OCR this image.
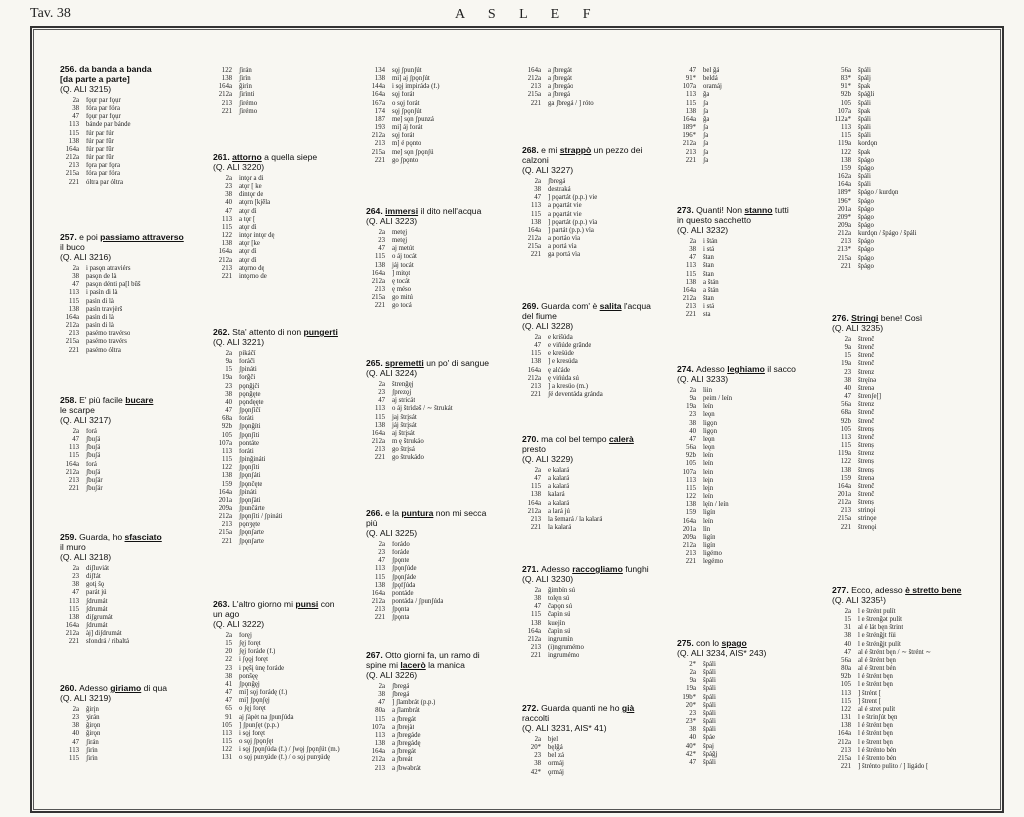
Tav. 38	A S L E F
256. da banda a banda
[da parte a parte]
(Q. ALI 3215)
2a	fǫụr par fǫụr
38	fóra par fóra
47	fǫụr par fǫụr
113	bánde par bánde
115	fúr par fúr
138	fúr par fûr
164a	fúr par fûr
212a	fúr par fûr
213	fǫra par fǫra
215a	fóra par fóra
221	óltra par óltra
257. e poi passiamo attraverso
il buco
(Q. ALI 3216)
2a	i pasǫn atraviérs
38	pasǫn de là
47	pasǫn dénti pa[l bũš
113	i pasìn di là
115	pasìn di là
138	pasìn travjèrš
164a	pasìn di là
212a	pasìn di là
213	pasémo travérso
215a	pasémo travérs
221	pasémo óltra
258. E' più facile bucare
le scarpe
(Q. ALI 3217)
2a	forá
47	ʃbuʃá
113	ʃbuʃá
115	ʃbuʃá
164a	forá
212a	ʃbuʃá
213	ʃbuʃár
221	ʃbuʃár
259. Guarda, ho sfasciato
il muro
(Q. ALI 3218)
2a	diʃluviát
23	diʃfát
38	gotį́ šǫ
47	parát jú
113	ʃdrumát
115	ʃdrumát
138	diʃgrumát
164a	ʃdrumát
212a	àj] diʃdrumát
221	sfondrá / ribaltá
260. Adesso giriamo di qua
(Q. ALI 3219)
2a	ǧirįn
23	ʒirán
38	ǧirǫ́n
40	ǧirǫ́n
47	ʃirán
113	ʃirìn
115	ʃirìn
122	ʃirán
138	ʃirìn
164a	ǧirìn
212a	ʃirìnti
213	ʃirémo
221	ʃirémo
261. attorno a quella siepe
(Q. ALI 3220)
2a	intǫ́r a di
23	atǫ́r [ ke
38	dintǫ́r de
40	atǫrn [kjḗla
47	atǫ́r dì
113	a tǫ́r [
115	atǫ́r dì
122	intǫ́r intǫ́r dę
138	atǫ́r [ke
164a	atǫ́r dì
212a	atǫ́r dì
213	atǫ́rno dę
221	intǫ́rno de
262. Sta' attento di non pungerti
(Q. ALI 3221)
2a	pikáčí
9a	foráči
15	ʃpináti
19a	forǧči
23	pǫnǧįči
38	pǫnǧę́te
40	pǫndęę́te
47	ʃpǫnʃìčí
68a	foráti
92b	ʃpǫnǧíti
105	ʃpǫnʃìti
107a	pontáte
113	foráti
115	ʃpinǧináti
122	ʃpǫnʃìti
138	ʃpǫnʃáti
159	ʃpǫnčęte
164a	ʃpináti
201a	ʃpǫnʃàti
209a	ʃpunčárte
212a	ʃpǫnʃìti / ʃpináti
213	pǫnʒ́ęte
215a	ʃpǫnʃarte
221	ʃpǫnʃarte
263. L'altro giorno mi punsi con
un ago
(Q. ALI 3222)
2a	forę́j
15	ʃęj forę́t
20	ʃęj foráde (f.)
22	i ʃǫ́ǫ́j forę́t
23	i pęšį ùnę foráde
38	ponšęę́
41	ʃpǫnǧę́j
47	mi] sǫ́j forádę (f.)
47	mi] ʃpǫnʃę́j
65	o ʃęj forę́t
91	aj ʃàpėt na ʃpunʃúda
105	] ʃpunʃę́t (p.p.)
113	i sǫ́j forę́t
115	o sǫ́j ʃpǫnʃę́t
122	i sǫ́j ʃpǫnʃúda (f.) / ʃwǫ́j ʃpǫnʃút (m.)
131	o sǫ́j punʒúde (f.) / o sǫ́j punʒúdę
134	sǫ́j ʃpunʃút
138	mi] aj ʃpǫnʃút
144a	i sǫ́j impirádǝ (f.)
164a	sǫ́j forát
167a	o sǫ́j forát
174	sǫ́j ʃpǫnʃút
187	me] sǫ́n ʃpunzá
193	mi] áj forát
212a	sǫ́j forát
213	m] é pǫ́nto
215a	me] sǫn ʃpǫnʃú
221	go ʃpǫ́nto
264. immersi il dito nell'acqua
(Q. ALI 3223)
2a	metę́j
23	metę́j
47	aj metút
115	o áj tocát
138	jáj tocát
164a	] mitǫ́t
212a	ę́ tocát
213	ę́ méso
215a	go mitú
221	go tocá
265. spremetti un po' di sangue
(Q. ALI 3224)
2a	štrenǧę́j
23	ʃprezǫ́j
47	aj stricát
113	o áj štrìdǝš / ∼ štrukát
115	jaj štrįsát
138	jáj štrįsát
164a	aj štrįsát
212a	m ę́ štrukáo
213	go štrįsá
221	go štrukádo
266. e la puntura non mi secca
più
(Q. ALI 3225)
2a	forádo
23	foráde
47	ʃpǫ́nte
113	ʃpǫnʃúde
115	ʃpǫnʃáde
138	ʃpǫfʃúda
164a	pontáde
212a	pontáda / ʃpunʃúda
213	ʃpǫnta
221	ʃpǫnta
267. Otto giorni fa, un ramo di
spine mi lacerò la manica
(Q. ALI 3226)
2a	ʃbregá
38	ʃbregá
47	] ʃlambrát (p.p.)
80a	a ʃlambrát
115	a ʃbregát
107a	a ʃbrejàt
113	a ʃbregáde
138	a ʃbregádę
164a	a ʃbregát
212a	a ʃbreát
213	a ʃbwǝbrát
164a	a ʃbregát
212a	a ʃbregát
213	a ʃbregáo
215a	a ʃbregá
221	ga ʃbregá / ] róto
268. e mi strappò un pezzo dei
calzoni
(Q. ALI 3227)
2a	ʃbregá
38	destraká
47	] pǫartát (p.p.) vie
113	a pǫartát vie
115	a pǫartát vie
138	] pǫartát (p.p.) vìa
164a	] partát (p.p.) vìa
212a	a portáo vìa
215a	a portá vìa
221	ga portá vìa
269. Guarda com' è salita l'acqua
del fiume
(Q. ALI 3228)
2a	e krišúda
47	e viñúde grânde
115	e kreśúde
138	] e kresúda
164a	ę alćáde
212a	ę vińúda sú
213	] a kresǘo (m.)
221	ʃé deventáda gránda
270. ma col bel tempo calerà
presto
(Q. ALI 3229)
2a	e kalará
47	a kalará
115	a kalará
138	kalará
164a	a kalará
212a	a lará jú
213	la šemará / la kalará
221	la kalará
271. Adesso raccogliamo funghi
(Q. ALI 3230)
2a	ǧimbín sú
38	tolę́n sú
47	čapǫ́n sú
115	čapìn sú
138	kuejìn
164a	čapìn sú
212a	ingrumìn
213	(i)ngrumémo
221	ingrumémo
272. Guarda quanti ne ho già
raccolti
(Q. ALI 3231, AIS* 41)
2a	bjel
20*	bęlǧá
23	bel zá
38	ormáj
42*	ǫrmáj
47	bel ǧá
91*	beldá
107a	oramáj
113	ǧa
115	ʃa
138	ʃa
164a	ǧa
189*	ʃa
196*	ʃa
212a	ʃa
213	ʃa
221	ʃa
273. Quanti! Non stanno tutti
in questo sacchetto
(Q. ALI 3232)
2a	i štán
38	i stá
47	štan
113	štan
115	štan
138	a štán
164a	a štán
212a	štan
213	i stá
221	sta
274. Adesso leghiamo il sacco
(Q. ALI 3233)
2a	liin
9a	peim / leín
19a	leín
23	leǫ́n
38	ligǫ́n
40	ligǫ́n
47	leǫ́n
56a	leǫn
92b	leín
105	leín
107a	lein
113	leįn
115	leįn
122	leín
138	lęín / leín
159	ligín
164a	leín
201a	lìn
209a	ligín
212a	ligín
213	ligémo
221	legémo
275. con lo spago
(Q. ALI 3234, AIS* 243)
2*	špáli
2a	špáli
9a	špáli
19a	špáli
19b*	špáli
20*	špáli
23	špáli
23*	špáli
38	špáli
40	špáe
40*	špaj
42*	špáǧj
47	špáli
56a	špáli
83*	špálj
91*	špak
92b	špáǧli
105	špáli
107a	špak
112a*	špáli
113	špáli
115	špáli
119a	kordǫ́n
122	špak
138	špágo
159	špágo
162a	špáli
164a	špáli
189*	špágo / kurdǫ́n
196*	špágo
201a	špágo
209*	špágo
209a	špágo
212a	kurdǫ́n / špágo / špáli
213	špágo
213*	špágo
215a	špágo
221	špágo
276. Stringi bene! Così
(Q. ALI 3235)
2a	štrenč
9a	štrenč
15	štrenč
19a	štrenč
23	štrenz
38	štręínǝ
40	štrenǝ
47	štrenʃe[]
56a	štrenz
68a	štrenč
92b	štrenč
105	štrenṣ
113	štrenč
115	štrenṣ
119a	štrenz
122	štrenṣ
138	štrenṣ
159	štrenǝ
164a	štrenč
201a	štrenč
212a	štrenṣ
213	strinǫi
215a	strinǫe
221	štrenǫi
277. Ecco, adesso è stretto bene
(Q. ALI 3235¹)
2a	l e štrént pulít
15	l e štrenǧǝt pulít
31	al é lát bęn štrint
38	l e štrénǧjt füi
40	l e štrénǧjt pulít
47	al é štrént bęn / ∼ štrént ∼
56a	al é štrént bęn
80a	al é štrent bén
92b	l é štrént bęn
105	l e štrént bęn
113	] štrént [
115	] štrent [
122	al é stret pulít
131	l e štrinʃút bęn
138	l é štrént bęn
164a	l é štrént bęn
212a	l e štrent bęn
213	l é štrénto bén
215a	l é štrento bén
221	] štrénto pulito / ] ligádo [
